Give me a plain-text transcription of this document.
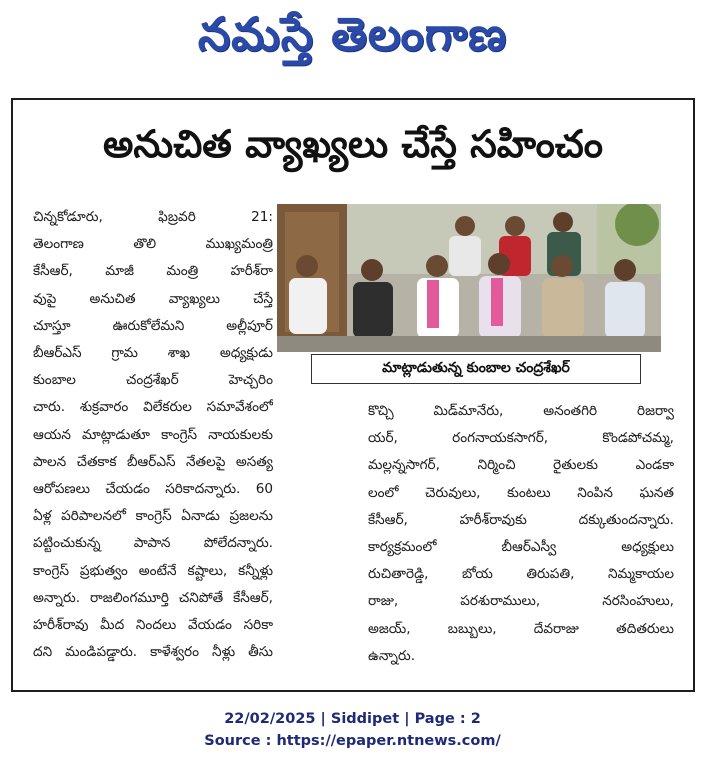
నమస్తే తెలంగాణ
అనుచిత వ్యాఖ్యలు చేస్తే సహించం
చిన్నకోడూరు, ఫిబ్రవరి 21:
తెలంగాణ తొలి ముఖ్యమంత్రి
కేసీఆర్, మాజీ మంత్రి హరీశ్‌రా
వుపై అనుచిత వ్యాఖ్యలు చేస్తే
చూస్తూ ఊరుకోలేమని అల్లీపూర్
బీఆర్‌ఎస్ గ్రామ శాఖ అధ్యక్షుడు
కుంబాల చంద్రశేఖర్ హెచ్చరిం
చారు. శుక్రవారం విలేకరుల సమావేశంలో
ఆయన మాట్లాడుతూ కాంగ్రెస్ నాయకులకు
పాలన చేతకాక బీఆర్‌ఎస్ నేతలపై అసత్య
ఆరోపణలు చేయడం సరికాదన్నారు. 60
ఏళ్ల పరిపాలనలో కాంగ్రెస్ ఏనాడు ప్రజలను
పట్టించుకున్న పాపాన పోలేదన్నారు.
కాంగ్రెస్ ప్రభుత్వం అంటేనే కష్టాలు, కన్నీళ్లు
అన్నారు. రాజలింగమూర్తి చనిపోతే కేసీఆర్,
హరీశ్‌రావు మీద నిందలు వేయడం సరికా
దని మండిపడ్డారు. కాళేశ్వరం నీళ్లు తీసు
మాట్లాడుతున్న కుంబాల చంద్రశేఖర్
కొచ్చి మిడ్‌మానేరు, అనంతగిరి రిజర్వా
యర్, రంగనాయకసాగర్, కొండపోచమ్మ,
మల్లన్నసాగర్, నిర్మించి రైతులకు ఎండకా
లంలో చెరువులు, కుంటలు నింపిన ఘనత
కేసీఆర్, హరీశ్‌రావుకు దక్కుతుందన్నారు.
కార్యక్రమంలో బీఆర్‌ఎస్వీ అధ్యక్షులు
రుచితారెడ్డి, బోయ తిరుపతి, నిమ్మకాయల
రాజు, పరశురాములు, నరసింహులు,
అజయ్, బబ్బులు, దేవరాజు తదితరులు
ఉన్నారు.
22/02/2025 | Siddipet | Page : 2
Source : https://epaper.ntnews.com/
